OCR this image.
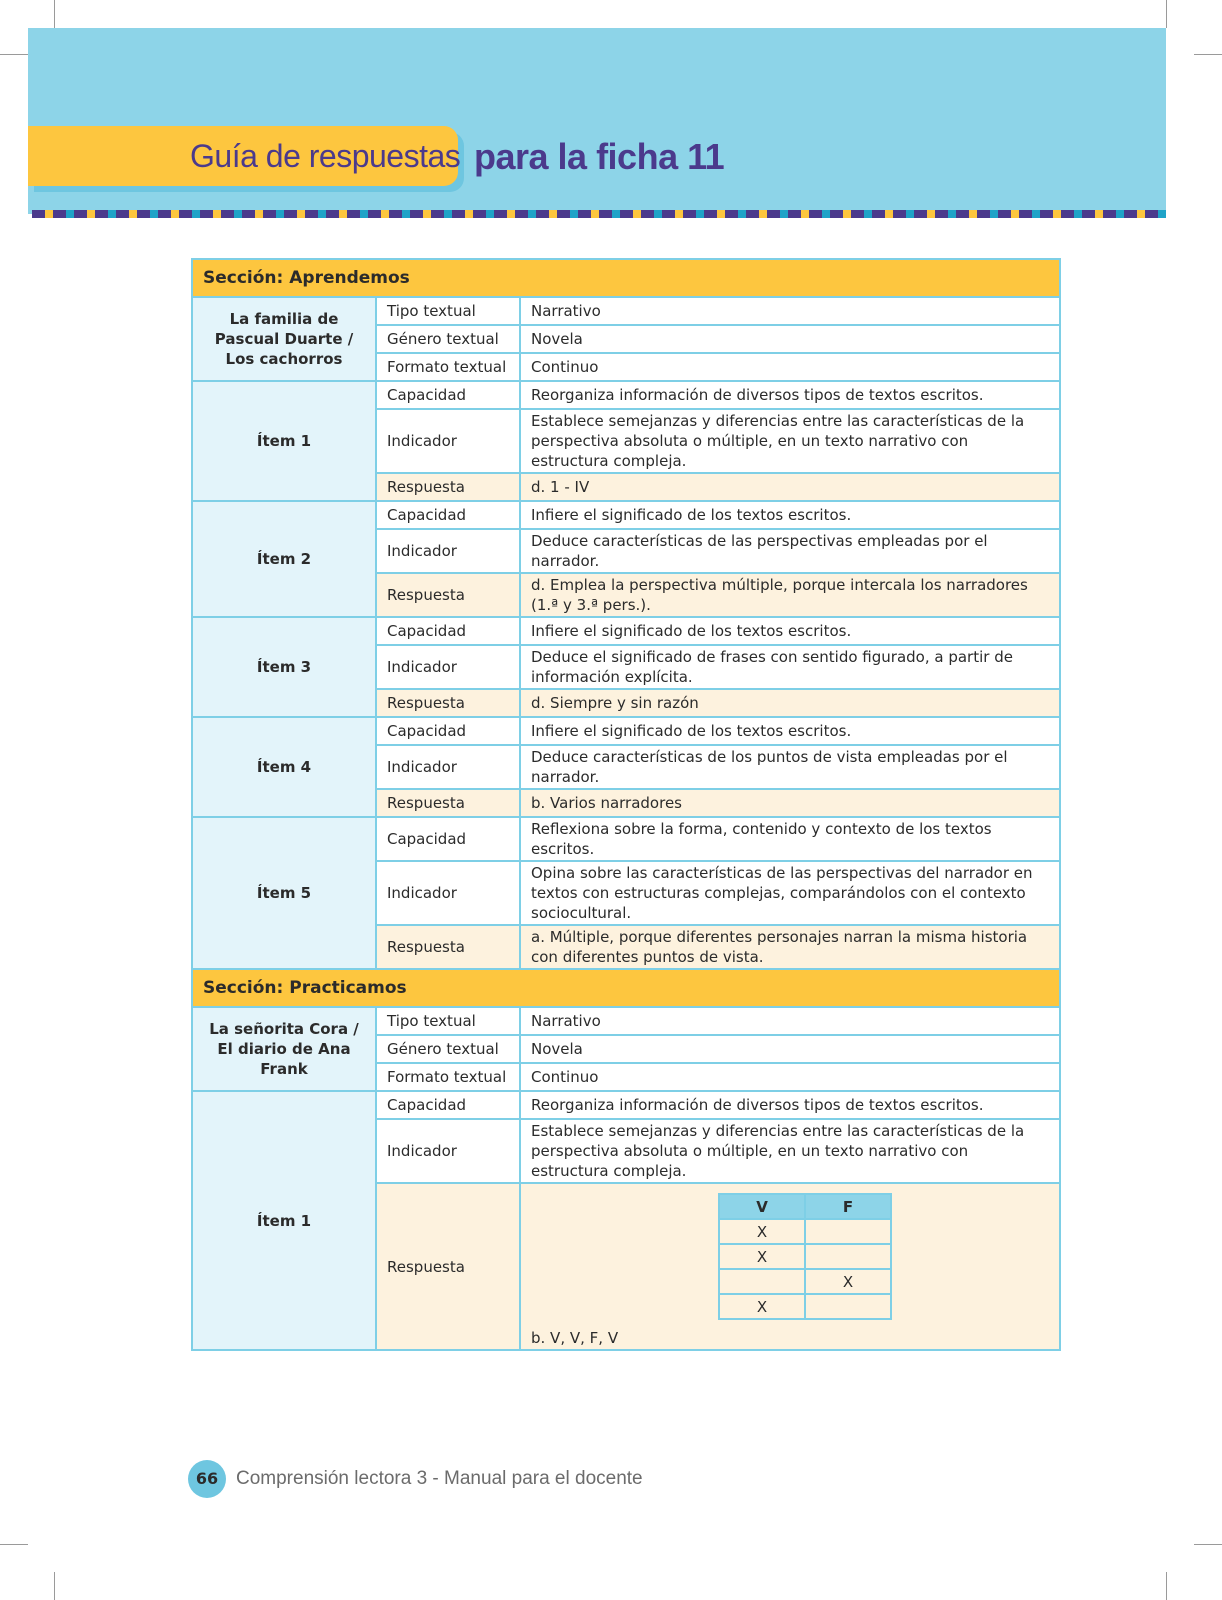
Guía de respuestas para la ficha 11
Sección: Aprendemos
La familia de Pascual Duarte / Los cachorros	Tipo textual	Narrativo
Género textual	Novela
Formato textual	Continuo
Ítem 1	Capacidad	Reorganiza información de diversos tipos de textos escritos.
Indicador	Establece semejanzas y diferencias entre las características de la perspectiva absoluta o múltiple, en un texto narrativo con estructura compleja.
Respuesta	d. 1 - IV
Ítem 2	Capacidad	Infiere el significado de los textos escritos.
Indicador	Deduce características de las perspectivas empleadas por el narrador.
Respuesta	d. Emplea la perspectiva múltiple, porque intercala los narradores (1.ª y 3.ª pers.).
Ítem 3	Capacidad	Infiere el significado de los textos escritos.
Indicador	Deduce el significado de frases con sentido figurado, a partir de información explícita.
Respuesta	d. Siempre y sin razón
Ítem 4	Capacidad	Infiere el significado de los textos escritos.
Indicador	Deduce características de los puntos de vista empleadas por el narrador.
Respuesta	b. Varios narradores
Ítem 5	Capacidad	Reflexiona sobre la forma, contenido y contexto de los textos escritos.
Indicador	Opina sobre las características de las perspectivas del narrador en textos con estructuras complejas, comparándolos con el contexto sociocultural.
Respuesta	a. Múltiple, porque diferentes personajes narran la misma historia con diferentes puntos de vista.
Sección: Practicamos
La señorita Cora / El diario de Ana Frank	Tipo textual	Narrativo
Género textual	Novela
Formato textual	Continuo
Ítem 1	Capacidad	Reorganiza información de diversos tipos de textos escritos.
Indicador	Establece semejanzas y diferencias entre las características de la perspectiva absoluta o múltiple, en un texto narrativo con estructura compleja.
Respuesta	
V	F
X	
X	
	X
X	
b. V, V, F, V
66 Comprensión lectora 3 - Manual para el docente
